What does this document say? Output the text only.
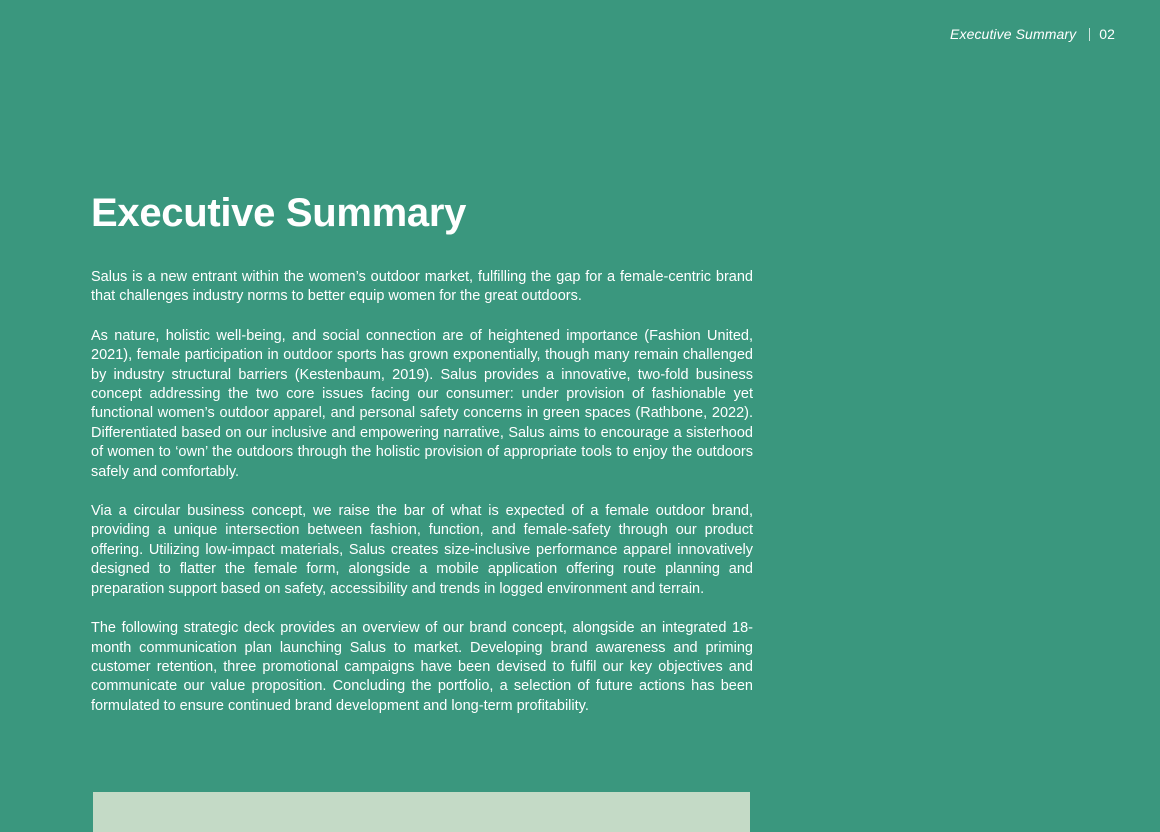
Executive Summary 02
Executive Summary

Salus is a new entrant within the women’s outdoor market, fulfilling the gap for a female-centric brand that challenges industry norms to better equip women for the great outdoors.

As nature, holistic well-being, and social connection are of heightened importance (Fashion United, 2021), female participation in outdoor sports has grown exponentially, though many remain challenged by industry structural barriers (Kestenbaum, 2019). Salus provides a innovative, two-fold business concept addressing the two core issues facing our consumer: under provision of fashionable yet functional women’s outdoor apparel, and personal safety concerns in green spaces (Rathbone, 2022). Differentiated based on our inclusive and empowering narrative, Salus aims to encourage a sisterhood of women to ‘own’ the outdoors through the holistic provision of appropriate tools to enjoy the outdoors safely and comfortably.

Via a circular business concept, we raise the bar of what is expected of a female outdoor brand, providing a unique intersection between fashion, function, and female-safety through our product offering. Utilizing low-impact materials, Salus creates size-inclusive performance apparel innovatively designed to flatter the female form, alongside a mobile application offering route planning and preparation support based on safety, accessibility and trends in logged environment and terrain.

The following strategic deck provides an overview of our brand concept, alongside an integrated 18-month communication plan launching Salus to market. Developing brand awareness and priming customer retention, three promotional campaigns have been devised to fulfil our key objectives and communicate our value proposition. Concluding the portfolio, a selection of future actions has been formulated to ensure continued brand development and long-term profitability.
